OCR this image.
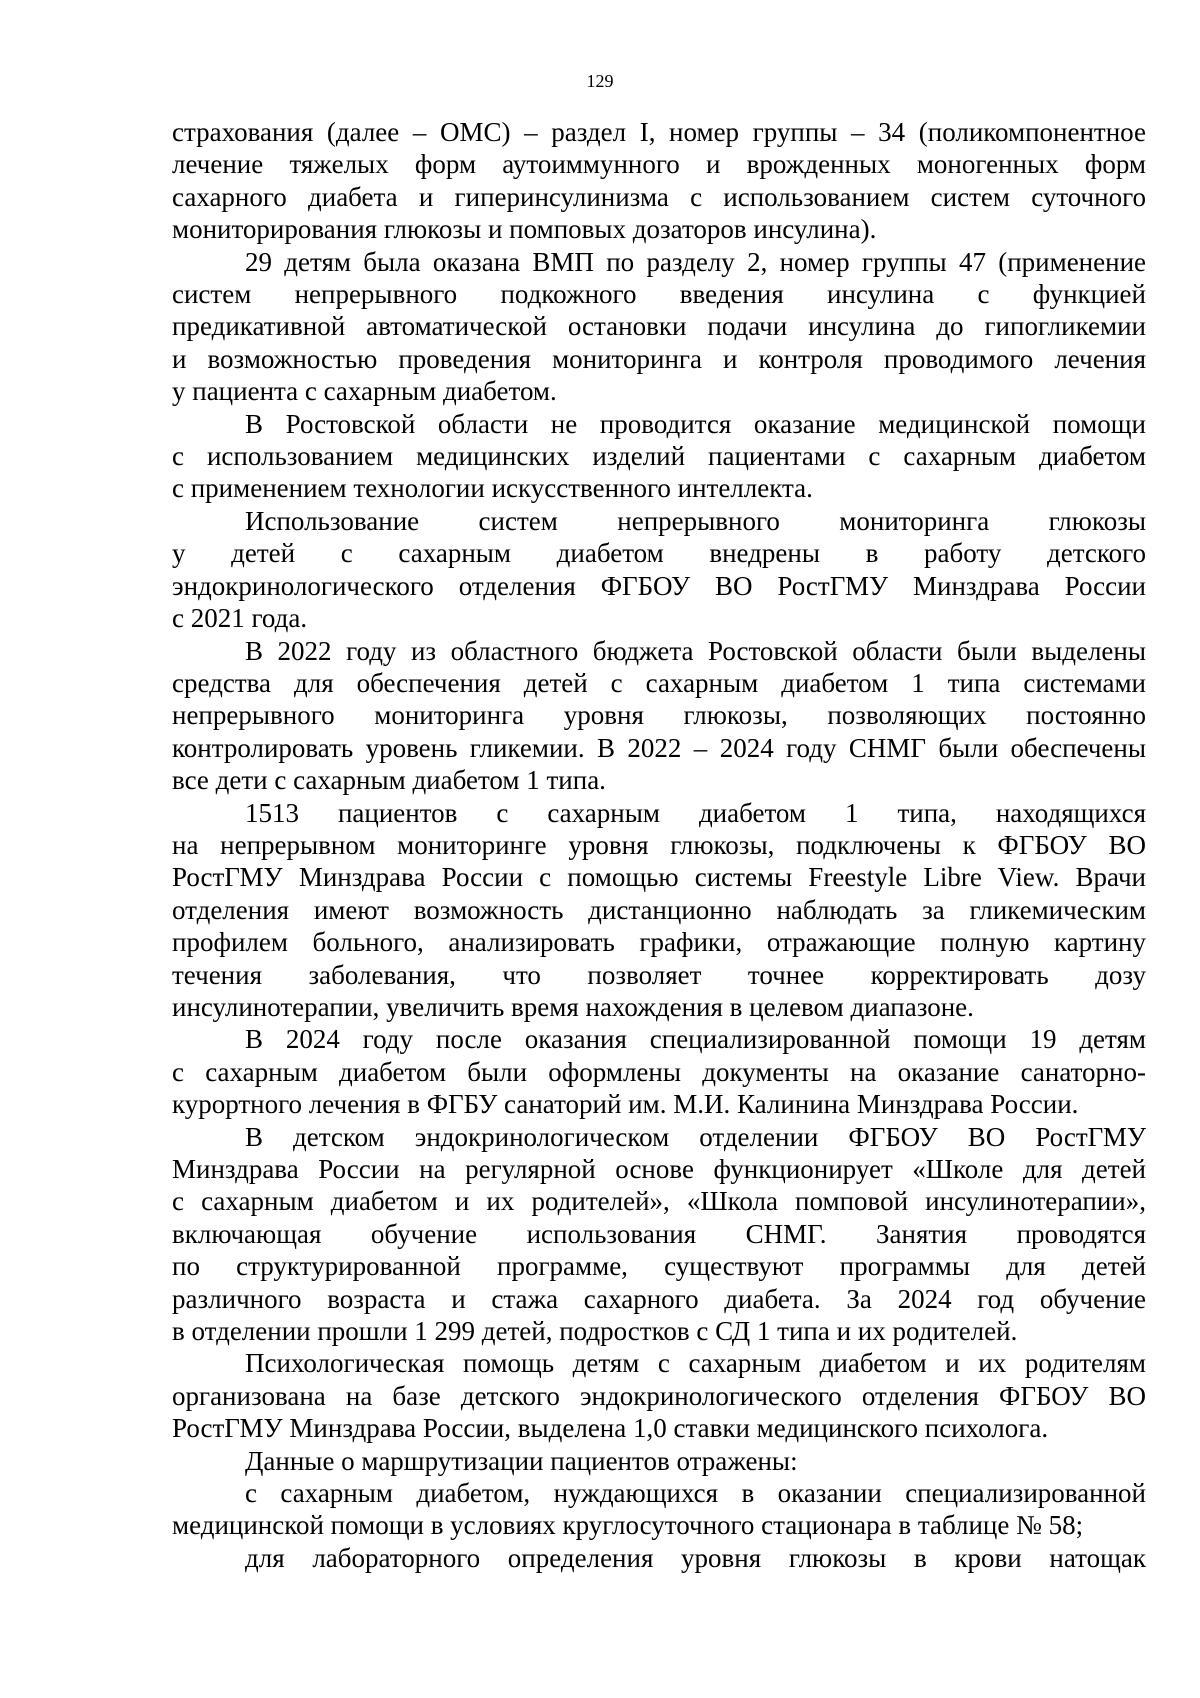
129
страхования (далее – ОМС) – раздел I, номер группы – 34 (поликомпонентное
лечение тяжелых форм аутоиммунного и врожденных моногенных форм
сахарного диабета и гиперинсулинизма с использованием систем суточного
мониторирования глюкозы и помповых дозаторов инсулина).
29 детям была оказана ВМП по разделу 2, номер группы 47 (применение
систем непрерывного подкожного введения инсулина с функцией
предикативной автоматической остановки подачи инсулина до гипогликемии
и возможностью проведения мониторинга и контроля проводимого лечения
у пациента с сахарным диабетом.
В Ростовской области не проводится оказание медицинской помощи
с использованием медицинских изделий пациентами с сахарным диабетом
с применением технологии искусственного интеллекта.
Использование систем непрерывного мониторинга глюкозы
у детей с сахарным диабетом внедрены в работу детского
эндокринологического отделения ФГБОУ ВО РостГМУ Минздрава России
с 2021 года.
В 2022 году из областного бюджета Ростовской области были выделены
средства для обеспечения детей с сахарным диабетом 1 типа системами
непрерывного мониторинга уровня глюкозы, позволяющих постоянно
контролировать уровень гликемии. В 2022 – 2024 году СНМГ были обеспечены
все дети с сахарным диабетом 1 типа.
1513 пациентов с сахарным диабетом 1 типа, находящихся
на непрерывном мониторинге уровня глюкозы, подключены к ФГБОУ ВО
РостГМУ Минздрава России с помощью системы Freestyle Libre View. Врачи
отделения имеют возможность дистанционно наблюдать за гликемическим
профилем больного, анализировать графики, отражающие полную картину
течения заболевания, что позволяет точнее корректировать дозу
инсулинотерапии, увеличить время нахождения в целевом диапазоне.
В 2024 году после оказания специализированной помощи 19 детям
с сахарным диабетом были оформлены документы на оказание санаторно-
курортного лечения в ФГБУ санаторий им. М.И. Калинина Минздрава России.
В детском эндокринологическом отделении ФГБОУ ВО РостГМУ
Минздрава России на регулярной основе функционирует «Школе для детей
с сахарным диабетом и их родителей», «Школа помповой инсулинотерапии»,
включающая обучение использования СНМГ. Занятия проводятся
по структурированной программе, существуют программы для детей
различного возраста и стажа сахарного диабета. За 2024 год обучение
в отделении прошли 1 299 детей, подростков с СД 1 типа и их родителей.
Психологическая помощь детям с сахарным диабетом и их родителям
организована на базе детского эндокринологического отделения ФГБОУ ВО
РостГМУ Минздрава России, выделена 1,0 ставки медицинского психолога.
Данные о маршрутизации пациентов отражены:
с сахарным диабетом, нуждающихся в оказании специализированной
медицинской помощи в условиях круглосуточного стационара в таблице № 58;
для лабораторного определения уровня глюкозы в крови натощак
